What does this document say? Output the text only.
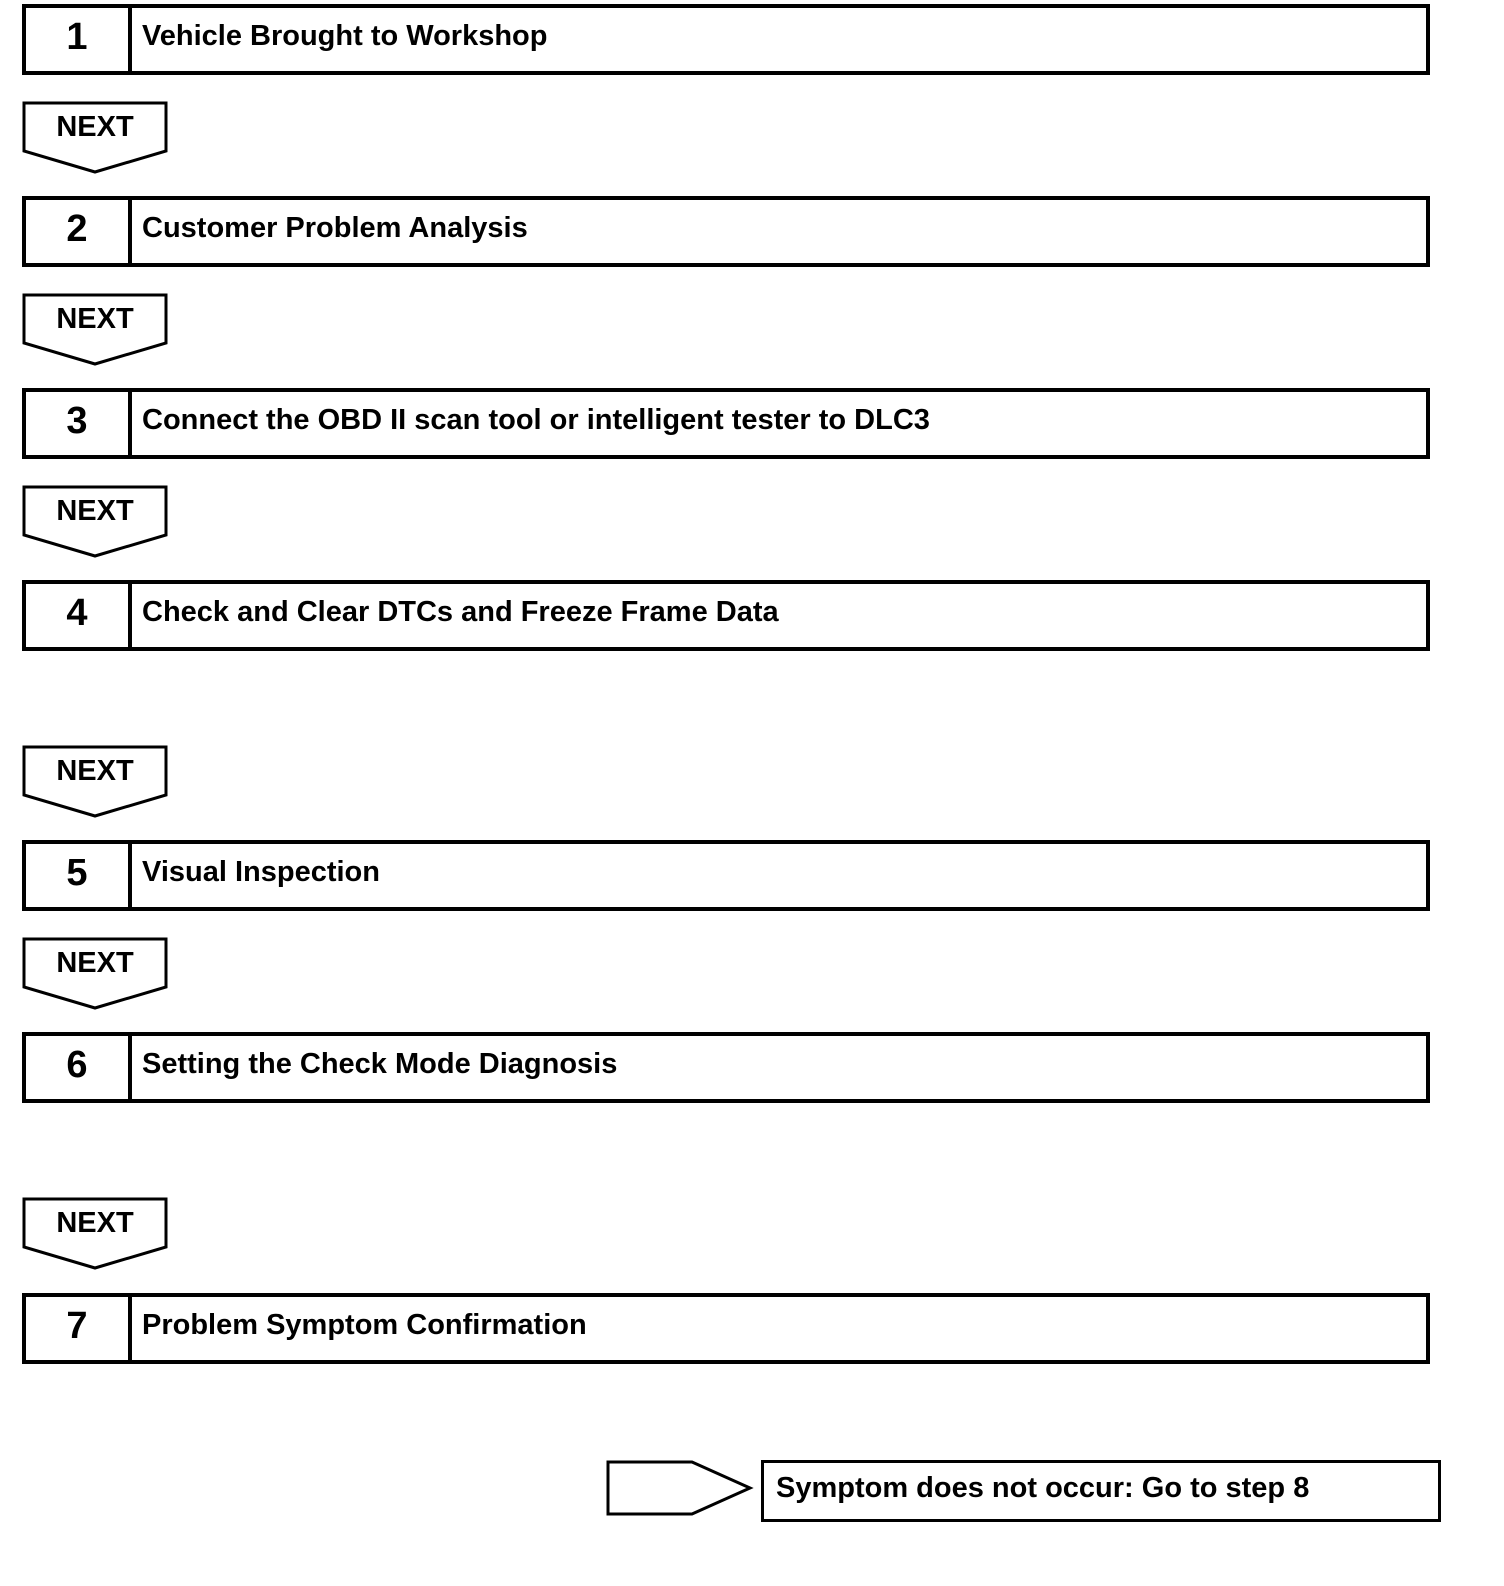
1	Vehicle Brought to Workshop
NEXT
2	Customer Problem Analysis
NEXT
3	Connect the OBD II scan tool or intelligent tester to DLC3
NEXT
4	Check and Clear DTCs and Freeze Frame Data
NEXT
5	Visual Inspection
NEXT
6	Setting the Check Mode Diagnosis
NEXT
7	Problem Symptom Confirmation
Symptom does not occur: Go to step 8
